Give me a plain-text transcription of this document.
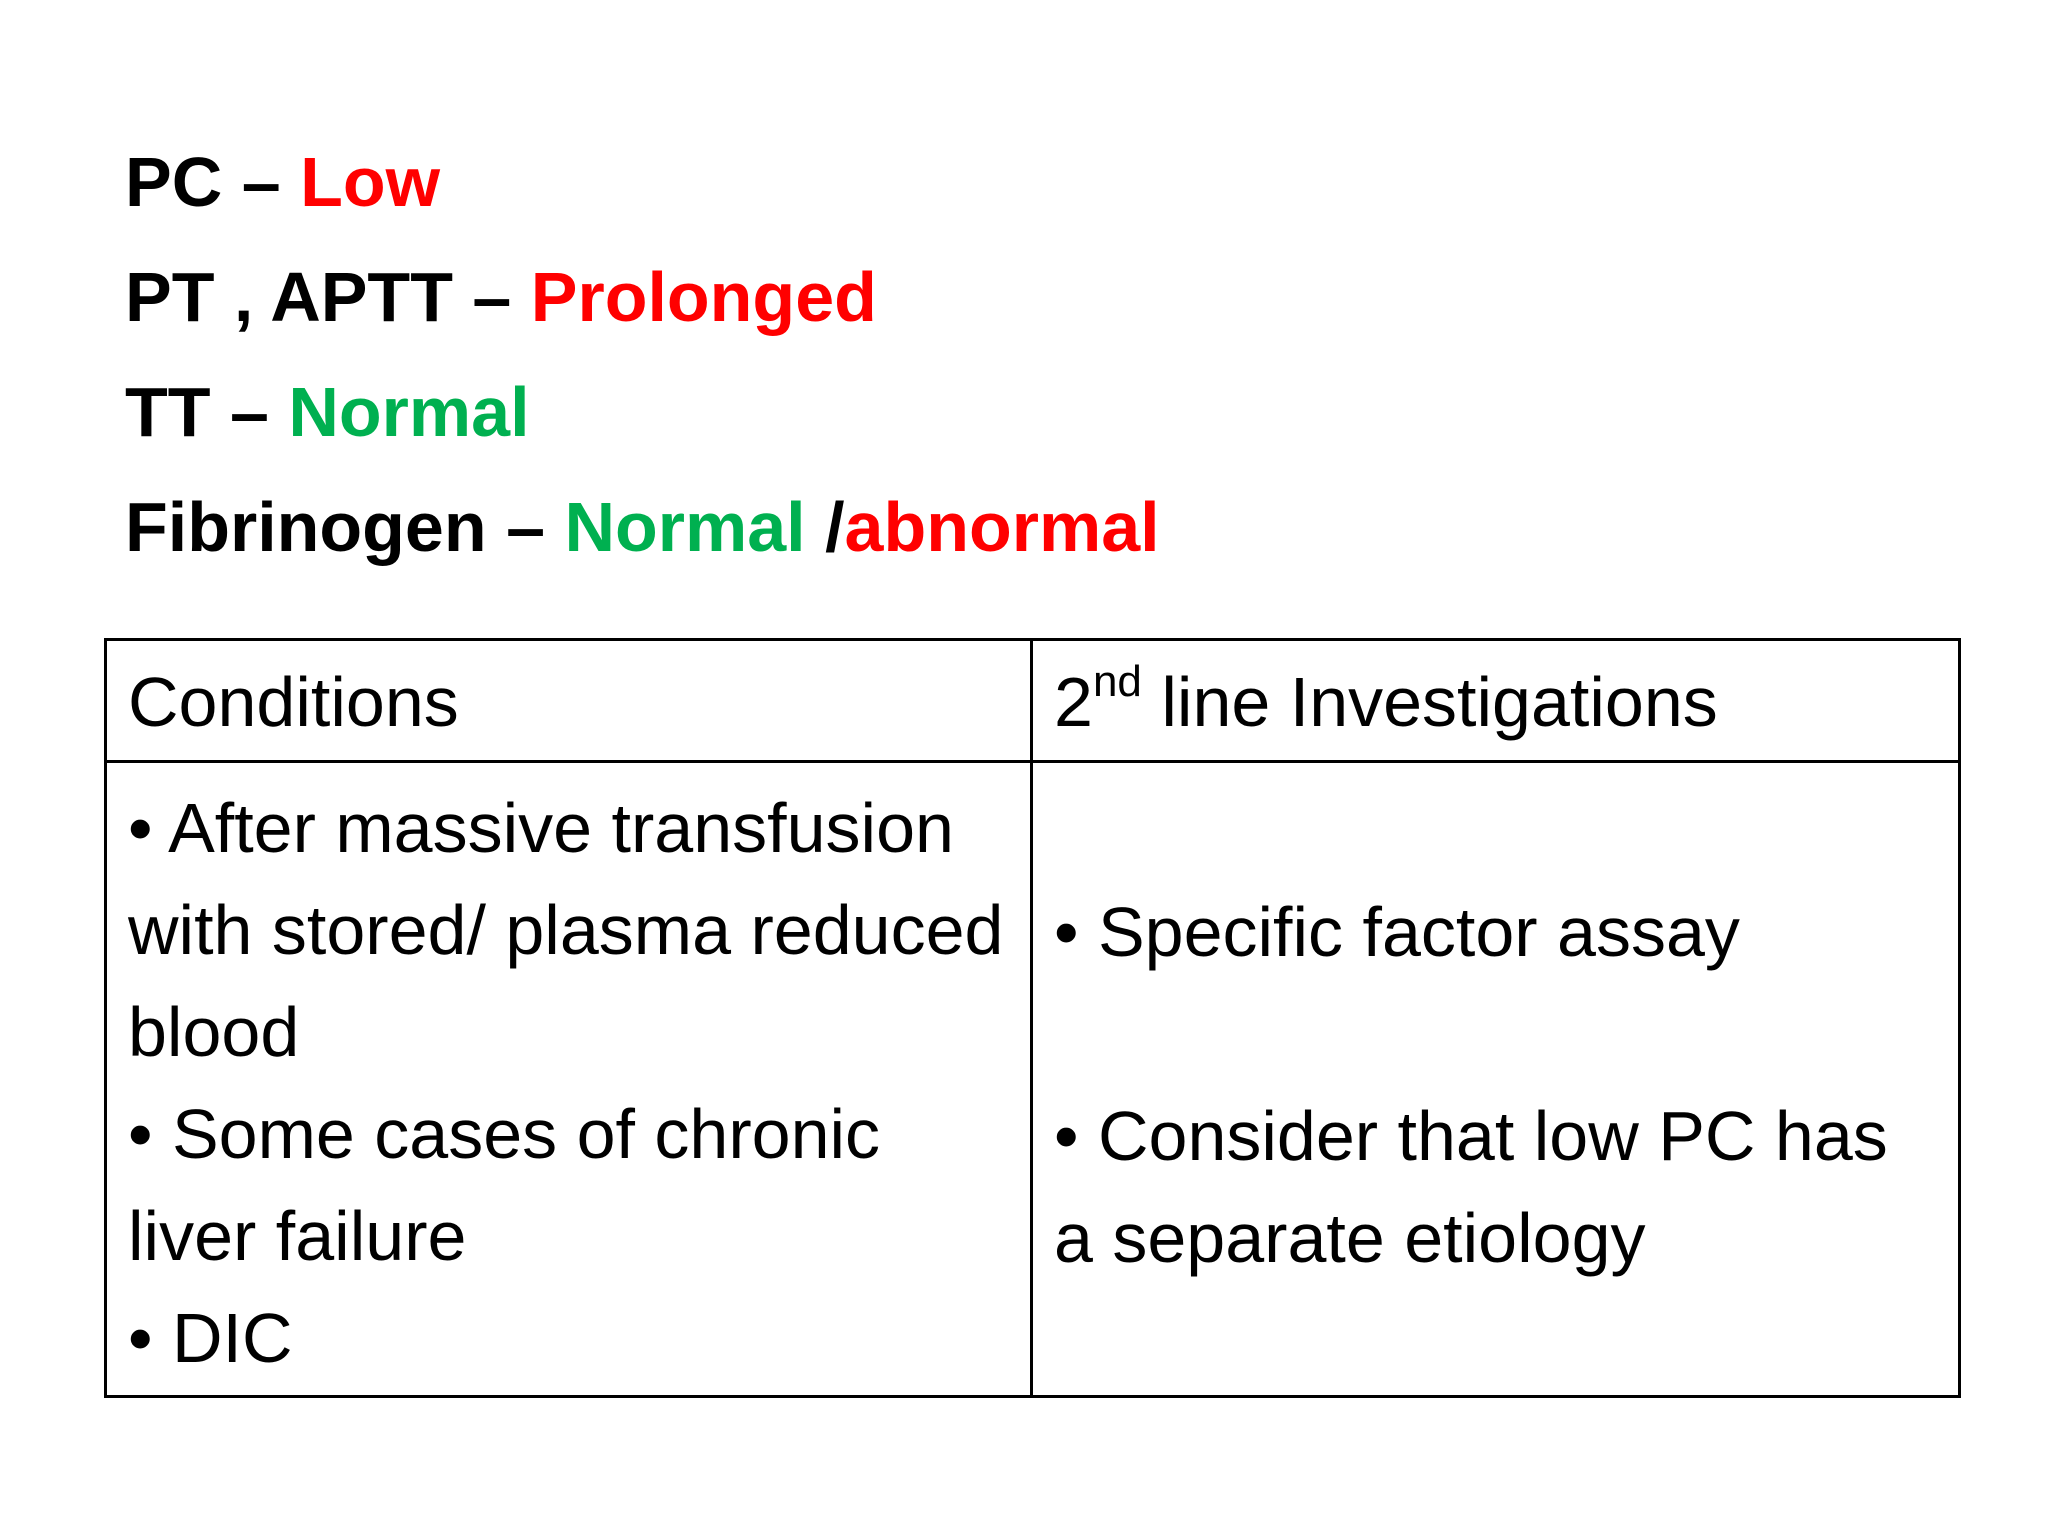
PC – Low
PT , APTT – Prolonged
TT – Normal
Fibrinogen – Normal /abnormal
Conditions	2nd line Investigations

• After massive transfusion with stored/ plasma reduced blood

• Some cases of chronic liver failure

• DIC

• Specific factor assay

• Consider that low PC has a separate etiology
